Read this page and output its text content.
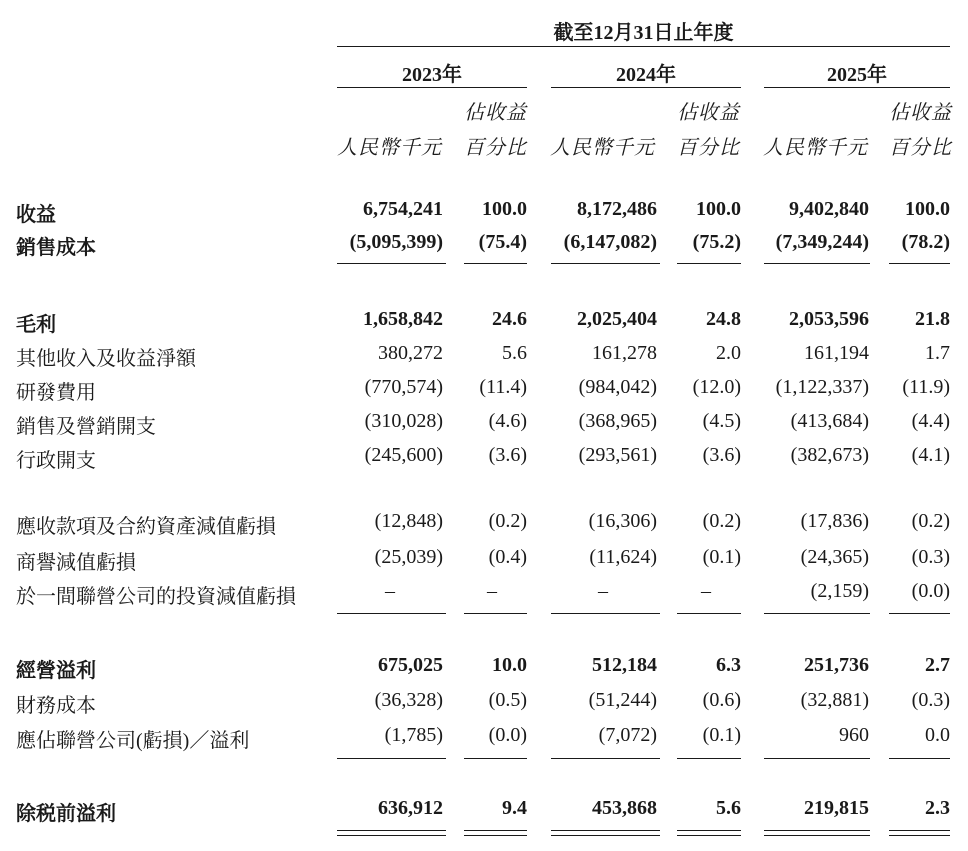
截至12月31日止年度
2023年	2024年	2025年
佔收益	佔收益	佔收益
人民幣千元 百分比 人民幣千元 百分比 人民幣千元 百分比
收益	6,754,241 100.0	8,172,486 100.0 9,402,840 100.0
銷售成本	(5,095,399) (75.4) (6,147,082) (75.2) (7,349,244) (78.2)
毛利	1,658,842 24.6	2,025,404 24.8 2,053,596 21.8
其他收入及收益淨額	380,272	5.6	161,278	2.0	161,194	1.7
研發費用	(770,574) (11.4)	(984,042) (12.0) (1,122,337) (11.9)
銷售及營銷開支	(310,028) (4.6)	(368,965) (4.5) (413,684) (4.4)
行政開支	(245,600) (3.6)	(293,561) (3.6) (382,673) (4.1)
應收款項及合約資產減值虧損	(12,848) (0.2)	(16,306) (0.2)	(17,836) (0.2)
商譽減值虧損	(25,039) (0.4)	(11,624) (0.1)	(24,365) (0.3)
於一間聯營公司的投資減值虧損	–	–	–	–	(2,159) (0.0)
經營溢利	675,025 10.0	512,184	6.3	251,736	2.7
財務成本	(36,328) (0.5)	(51,244) (0.6)	(32,881) (0.3)
應佔聯營公司(虧損)／溢利	(1,785) (0.0)	(7,072) (0.1)	960	0.0
除税前溢利	636,912	9.4	453,868	5.6	219,815	2.3
